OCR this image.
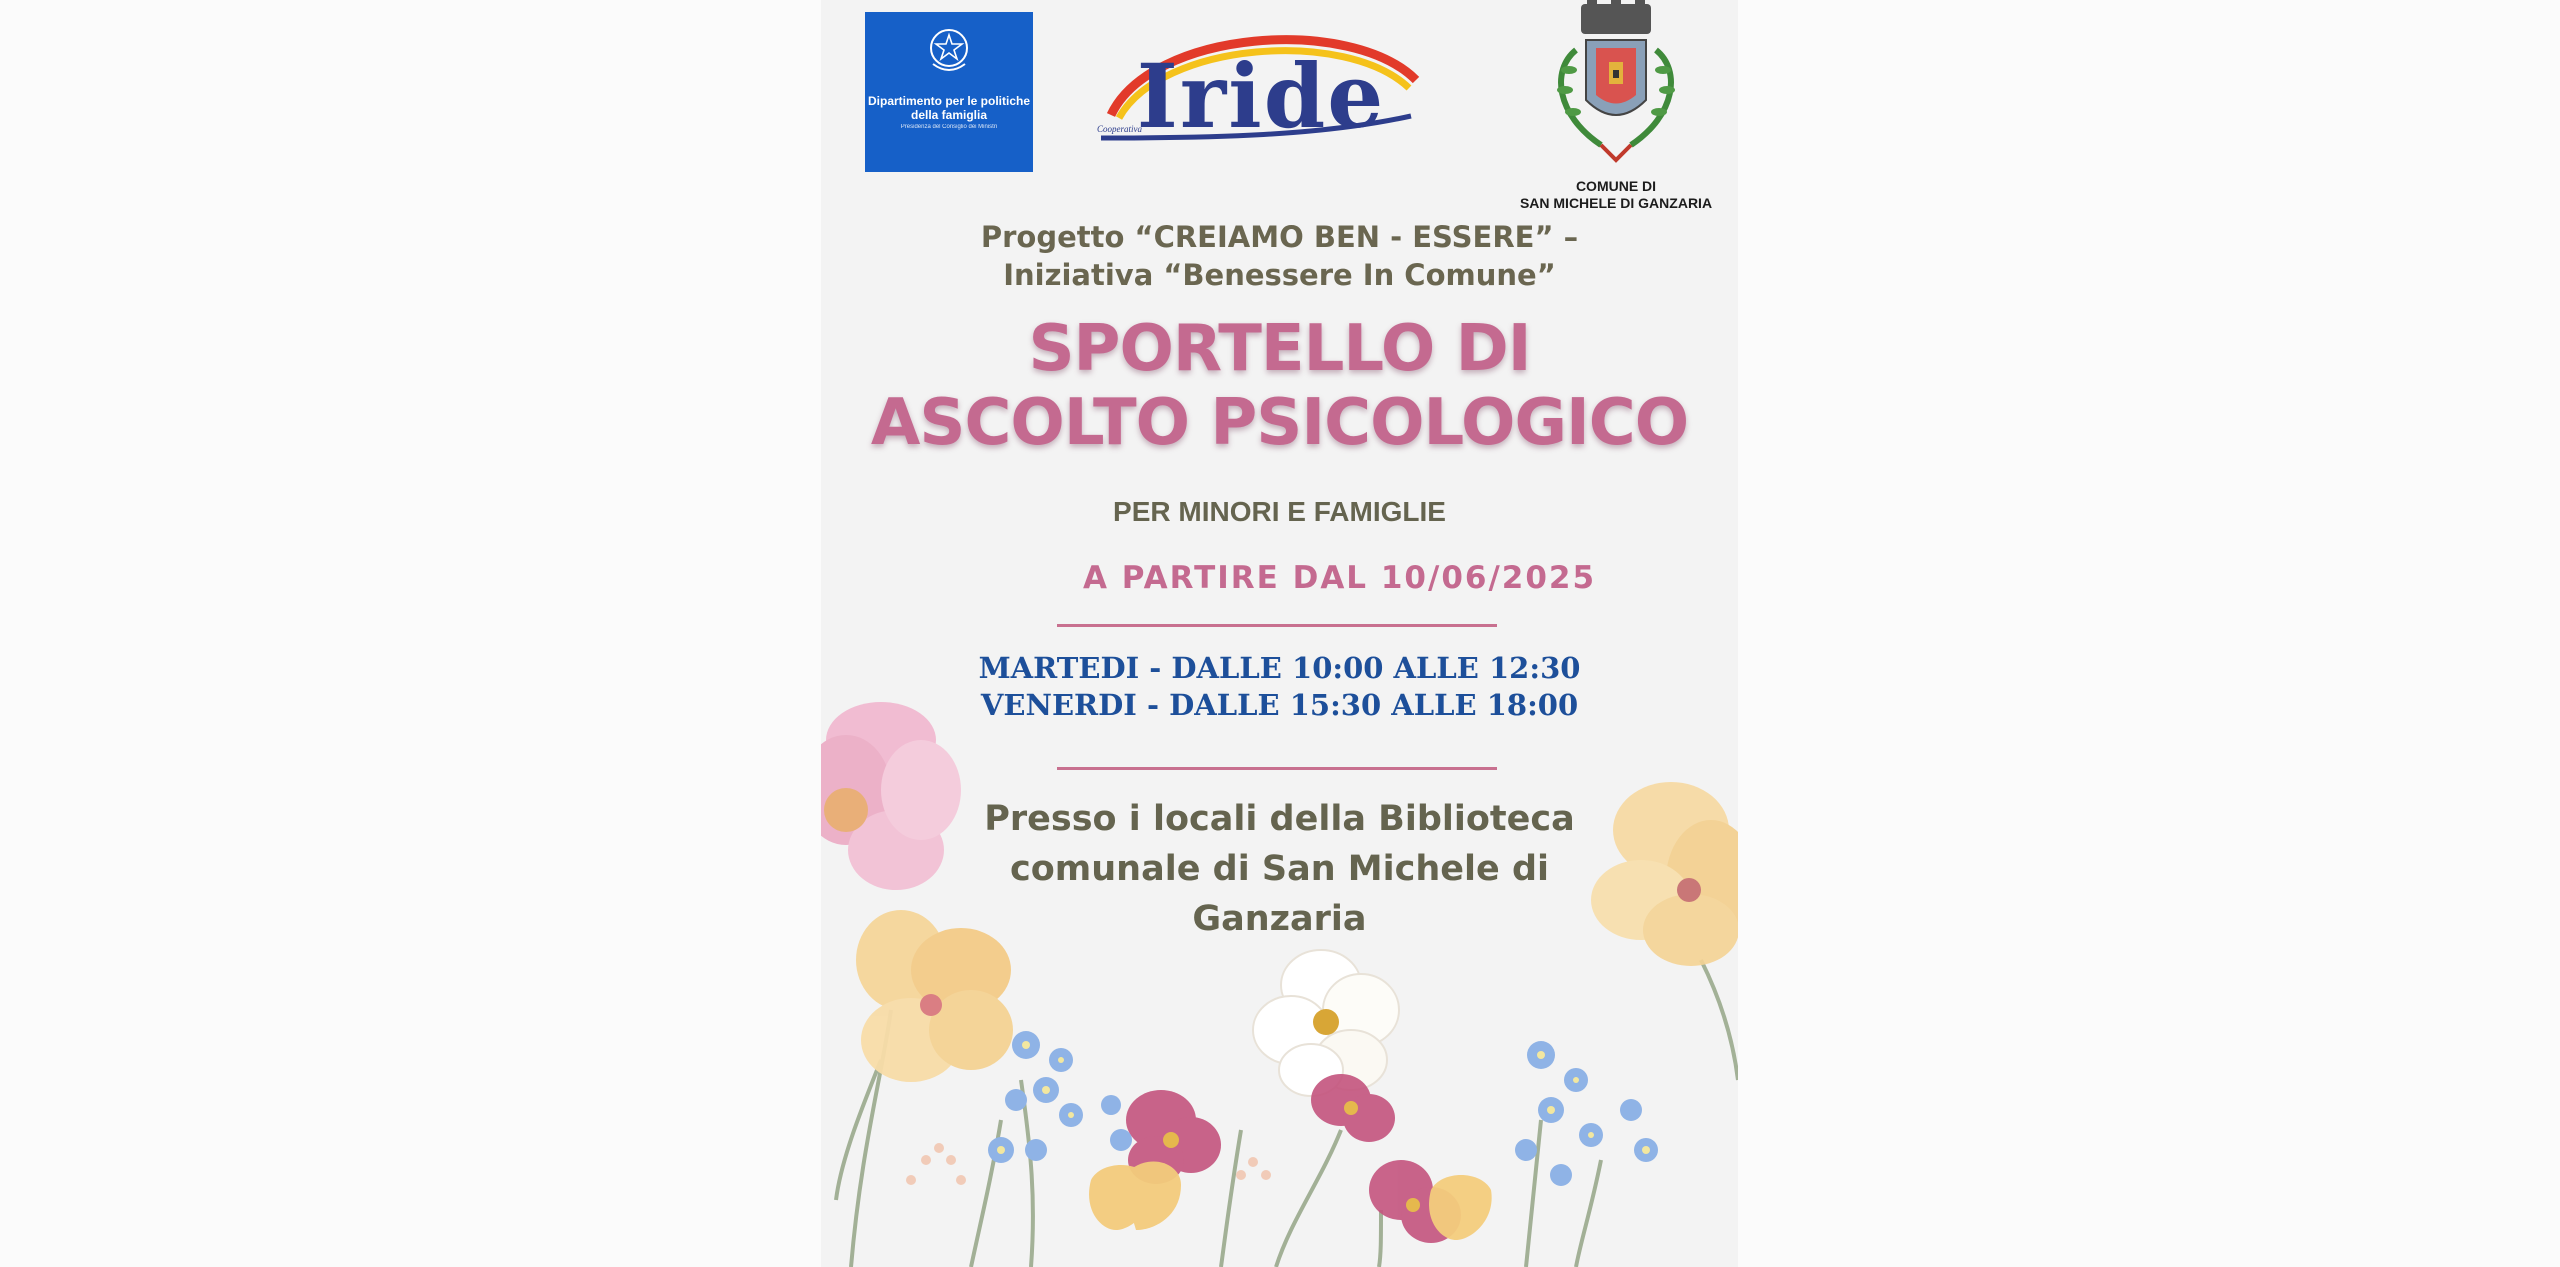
Dipartimento per le politiche
della famiglia
Presidenza del Consiglio dei Ministri	Iride
Cooperativa
COMUNE DI
SAN MICHELE DI GANZARIA
Progetto “CREIAMO BEN - ESSERE” –
Iniziativa “Benessere In Comune”
SPORTELLO DI
ASCOLTO PSICOLOGICO
PER MINORI E FAMIGLIE
A PARTIRE DAL 10/06/2025
MARTEDI - DALLE 10:00 ALLE 12:30
VENERDI - DALLE 15:30 ALLE 18:00
Presso i locali della Biblioteca
comunale di San Michele di
Ganzaria
